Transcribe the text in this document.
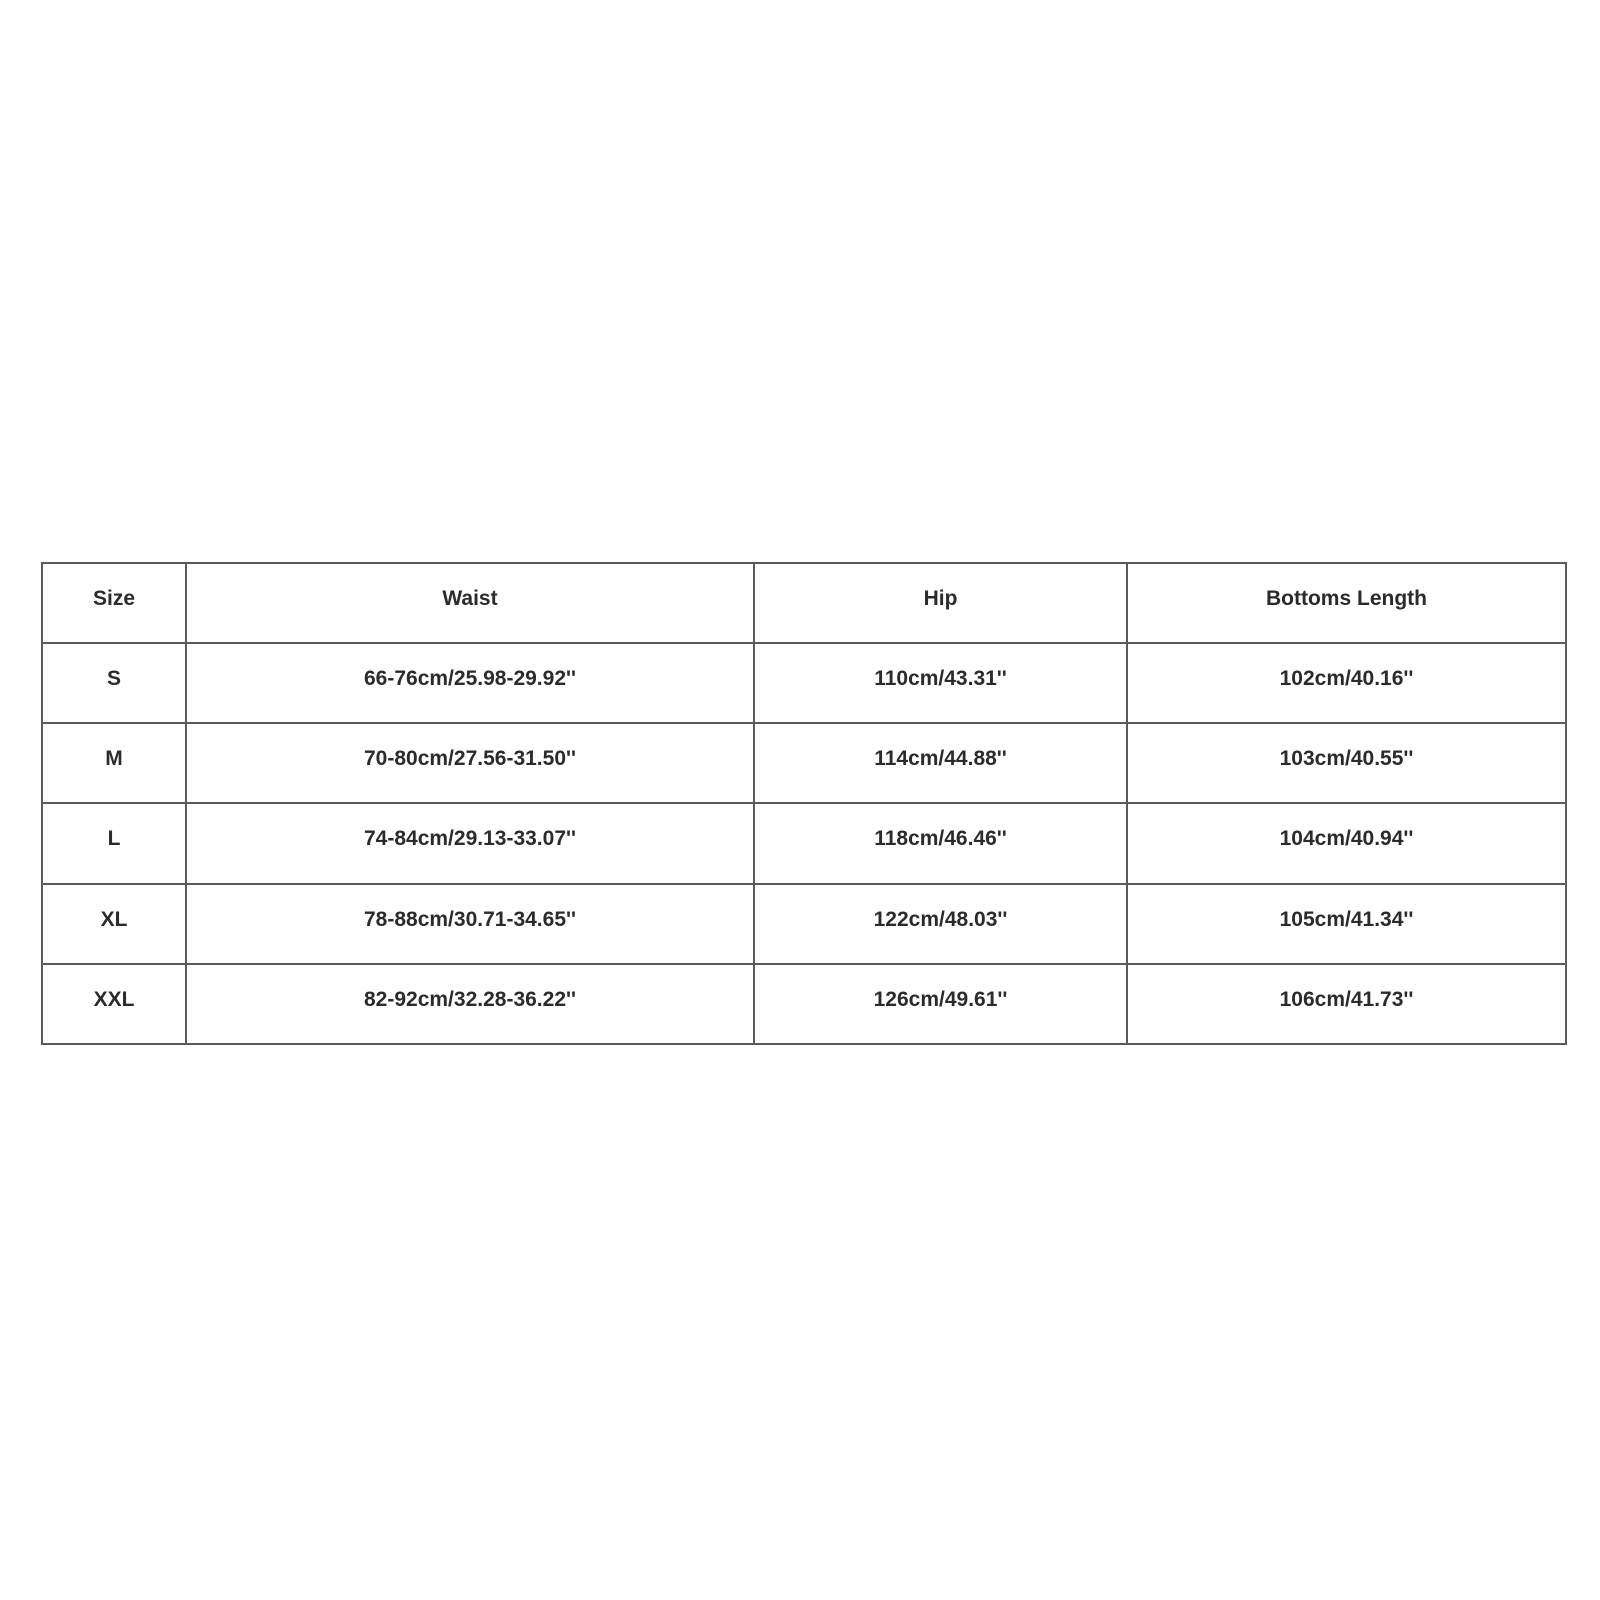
Size	Waist	Hip	Bottoms Length
S	66-76cm/25.98-29.92''	110cm/43.31''	102cm/40.16''
M	70-80cm/27.56-31.50''	114cm/44.88''	103cm/40.55''
L	74-84cm/29.13-33.07''	118cm/46.46''	104cm/40.94''
XL	78-88cm/30.71-34.65''	122cm/48.03''	105cm/41.34''
XXL	82-92cm/32.28-36.22''	126cm/49.61''	106cm/41.73''
